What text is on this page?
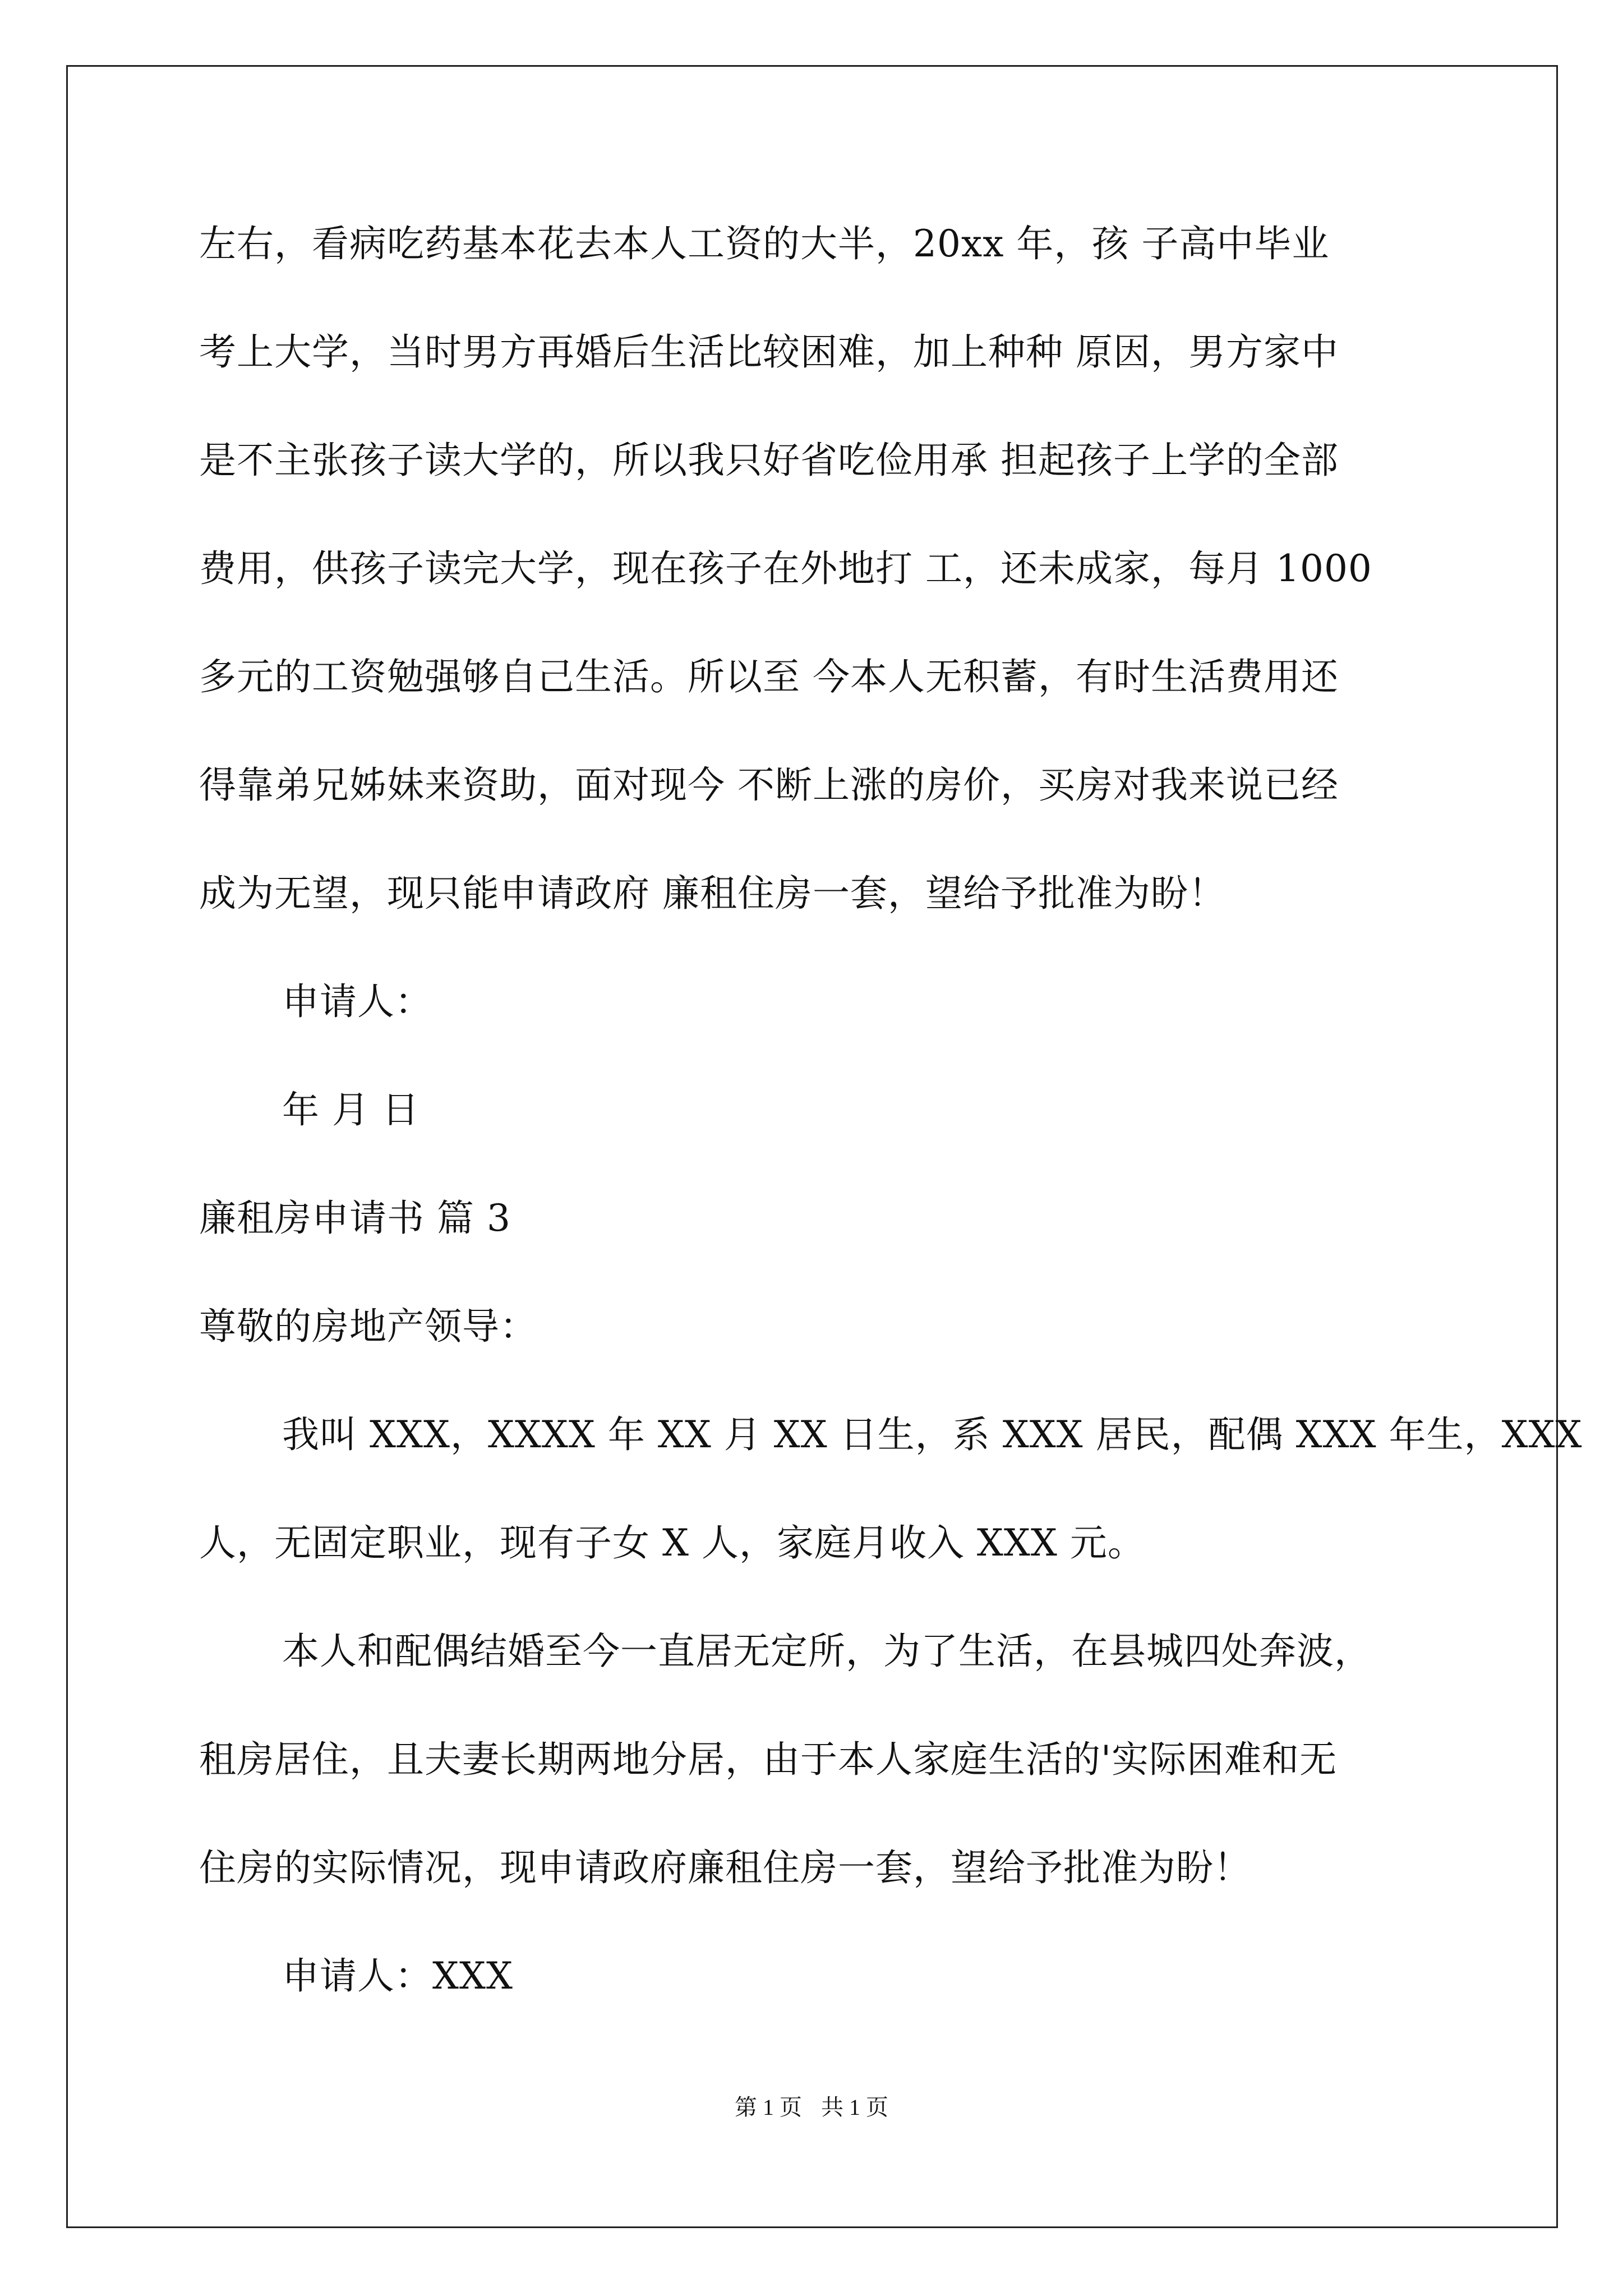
左右，看病吃药基本花去本人工资的大半，20xx 年，孩 子高中毕业
考上大学，当时男方再婚后生活比较困难，加上种种 原因，男方家中
是不主张孩子读大学的，所以我只好省吃俭用承 担起孩子上学的全部
费用，供孩子读完大学，现在孩子在外地打 工，还未成家，每月 1000
多元的工资勉强够自己生活。所以至 今本人无积蓄，有时生活费用还
得靠弟兄姊妹来资助，面对现今 不断上涨的房价，买房对我来说已经
成为无望，现只能申请政府 廉租住房一套，望给予批准为盼！
申请人：
年 月 日
廉租房申请书 篇 3
尊敬的房地产领导：
我叫 XXX，XXXX 年 XX 月 XX 日生，系 XXX 居民，配偶 XXX 年生，XXX
人，无固定职业，现有子女 X 人，家庭月收入 XXX 元。
本人和配偶结婚至今一直居无定所，为了生活，在县城四处奔波，
租房居住，且夫妻长期两地分居，由于本人家庭生活的'实际困难和无
住房的实际情况，现申请政府廉租住房一套，望给予批准为盼！
申请人：XXX
第 1 页 共 1 页
